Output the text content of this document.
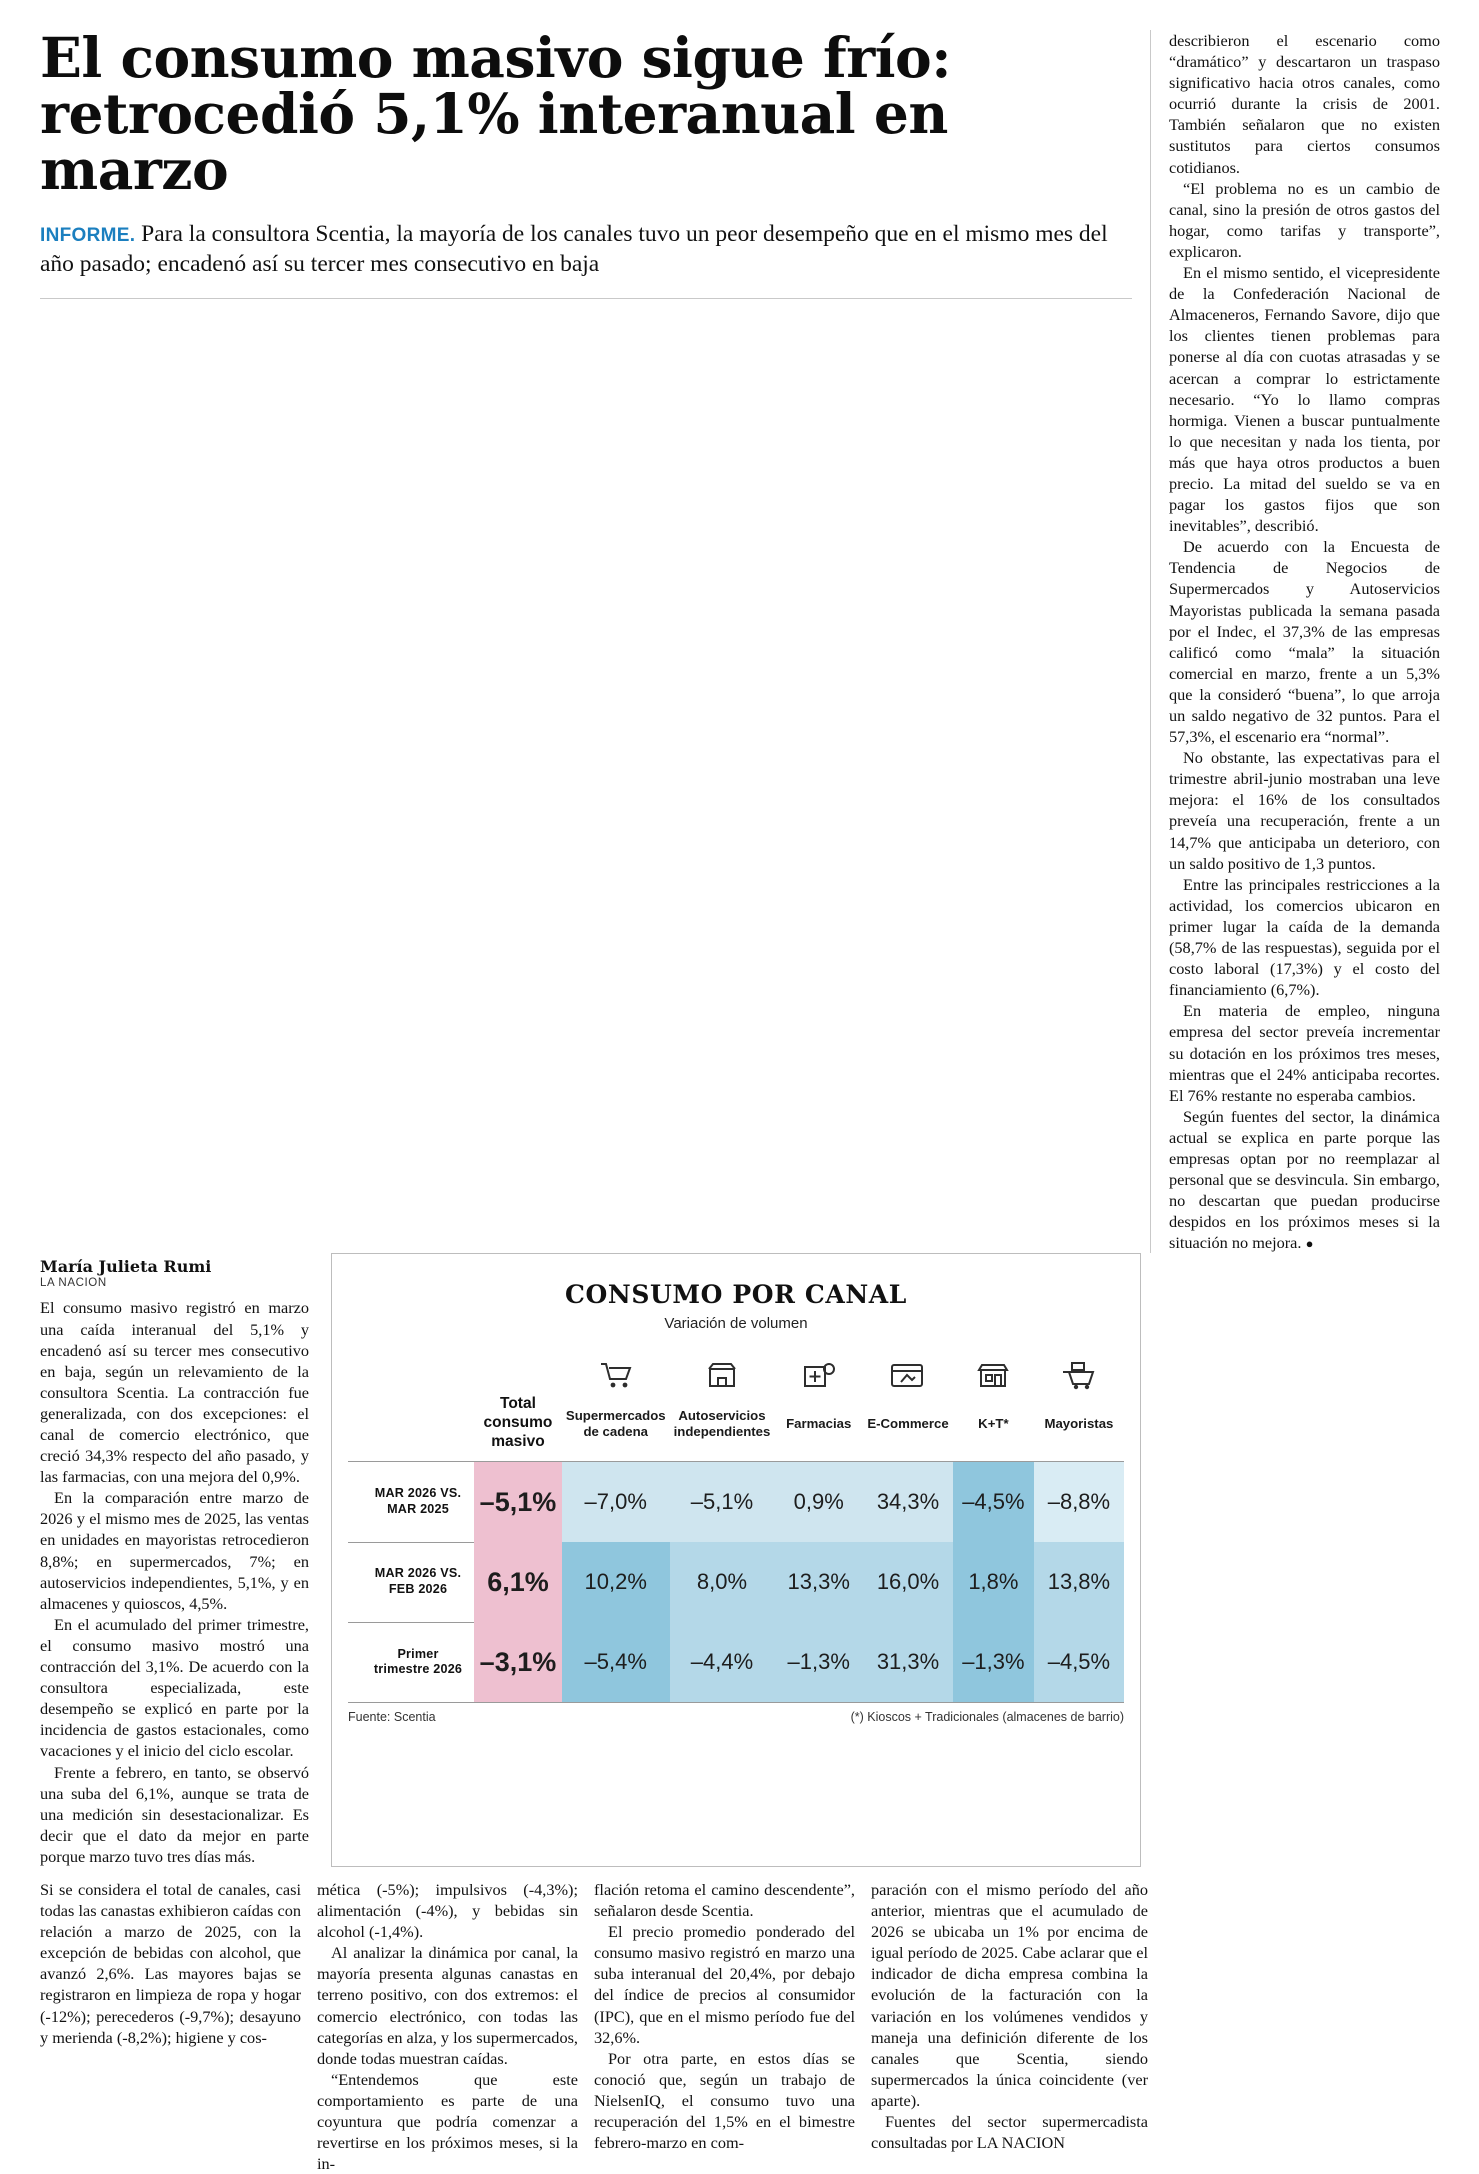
El consumo masivo sigue frío: retrocedió 5,1% interanual en marzo
INFORME. Para la consultora Scentia, la mayoría de los canales tuvo un peor desempeño que en el mismo mes del año pasado; encadenó así su tercer mes consecutivo en baja

describieron el escenario como “dramático” y descartaron un traspaso significativo hacia otros canales, como ocurrió durante la crisis de 2001. También señalaron que no existen sustitutos para ciertos consumos cotidianos.

“El problema no es un cambio de canal, sino la presión de otros gastos del hogar, como tarifas y transporte”, explicaron.

En el mismo sentido, el vicepresidente de la Confederación Nacional de Almaceneros, Fernando Savore, dijo que los clientes tienen problemas para ponerse al día con cuotas atrasadas y se acercan a comprar lo estrictamente necesario. “Yo lo llamo compras hormiga. Vienen a buscar puntualmente lo que necesitan y nada los tienta, por más que haya otros productos a buen precio. La mitad del sueldo se va en pagar los gastos fijos que son inevitables”, describió.

De acuerdo con la Encuesta de Tendencia de Negocios de Supermercados y Autoservicios Mayoristas publicada la semana pasada por el Indec, el 37,3% de las empresas calificó como “mala” la situación comercial en marzo, frente a un 5,3% que la consideró “buena”, lo que arroja un saldo negativo de 32 puntos. Para el 57,3%, el escenario era “normal”.

No obstante, las expectativas para el trimestre abril-junio mostraban una leve mejora: el 16% de los consultados preveía una recuperación, frente a un 14,7% que anticipaba un deterioro, con un saldo positivo de 1,3 puntos.

Entre las principales restricciones a la actividad, los comercios ubicaron en primer lugar la caída de la demanda (58,7% de las respuestas), seguida por el costo laboral (17,3%) y el costo del financiamiento (6,7%).

En materia de empleo, ninguna empresa del sector preveía incrementar su dotación en los próximos tres meses, mientras que el 24% anticipaba recortes. El 76% restante no esperaba cambios.

Según fuentes del sector, la dinámica actual se explica en parte porque las empresas optan por no reemplazar al personal que se desvincula. Sin embargo, no descartan que puedan producirse despidos en los próximos meses si la situación no mejora. ●

María Julieta Rumi
LA NACION

El consumo masivo registró en marzo una caída interanual del 5,1% y encadenó así su tercer mes consecutivo en baja, según un relevamiento de la consultora Scentia. La contracción fue generalizada, con dos excepciones: el canal de comercio electrónico, que creció 34,3% respecto del año pasado, y las farmacias, con una mejora del 0,9%.

En la comparación entre marzo de 2026 y el mismo mes de 2025, las ventas en unidades en mayoristas retrocedieron 8,8%; en supermercados, 7%; en autoservicios independientes, 5,1%, y en almacenes y quioscos, 4,5%.

En el acumulado del primer trimestre, el consumo masivo mostró una contracción del 3,1%. De acuerdo con la consultora especializada, este desempeño se explicó en parte por la incidencia de gastos estacionales, como vacaciones y el inicio del ciclo escolar.

Frente a febrero, en tanto, se observó una suba del 6,1%, aunque se trata de una medición sin desestacionalizar. Es decir que el dato da mejor en parte porque marzo tuvo tres días más.

CONSUMO POR CANAL
Variación de volumen

	Total consumo masivo	Supermercados de cadena	Autoservicios independientes	Farmacias	E-Commerce	K+T*	Mayoristas
MAR 2026 VS. MAR 2025	–5,1%	–7,0%	–5,1%	0,9%	34,3%	–4,5%	–8,8%
MAR 2026 VS. FEB 2026	6,1%	10,2%	8,0%	13,3%	16,0%	1,8%	13,8%
Primer trimestre 2026	–3,1%	–5,4%	–4,4%	–1,3%	31,3%	–1,3%	–4,5%
Fuente: Scentia	(*) Kioscos + Tradicionales (almacenes de barrio)

Si se considera el total de canales, casi todas las canastas exhibieron caídas con relación a marzo de 2025, con la excepción de bebidas con alcohol, que avanzó 2,6%. Las mayores bajas se registraron en limpieza de ropa y hogar (-12%); perecederos (-9,7%); desayuno y merienda (-8,2%); higiene y cos-

mética (-5%); impulsivos (-4,3%); alimentación (-4%), y bebidas sin alcohol (-1,4%).

Al analizar la dinámica por canal, la mayoría presenta algunas canastas en terreno positivo, con dos extremos: el comercio electrónico, con todas las categorías en alza, y los supermercados, donde todas muestran caídas.

“Entendemos que este comportamiento es parte de una coyuntura que podría comenzar a revertirse en los próximos meses, si la in-

flación retoma el camino descendente”, señalaron desde Scentia.

El precio promedio ponderado del consumo masivo registró en marzo una suba interanual del 20,4%, por debajo del índice de precios al consumidor (IPC), que en el mismo período fue del 32,6%.

Por otra parte, en estos días se conoció que, según un trabajo de NielsenIQ, el consumo tuvo una recuperación del 1,5% en el bimestre febrero-marzo en com-

paración con el mismo período del año anterior, mientras que el acumulado de 2026 se ubicaba un 1% por encima de igual período de 2025. Cabe aclarar que el indicador de dicha empresa combina la evolución de la facturación con la variación en los volúmenes vendidos y maneja una definición diferente de los canales que Scentia, siendo supermercados la única coincidente (ver aparte).

Fuentes del sector supermercadista consultadas por LA NACION
